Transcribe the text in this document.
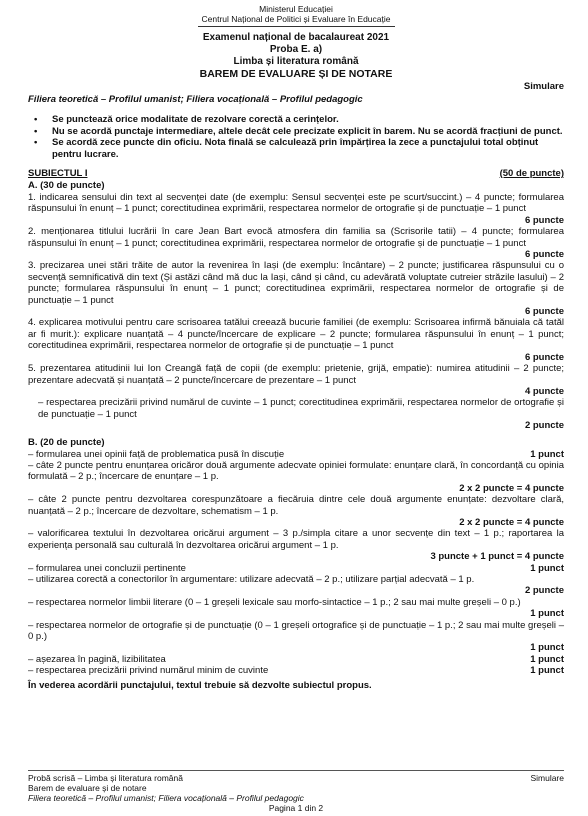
Ministerul Educației
Centrul Național de Politici și Evaluare în Educație
Examenul național de bacalaureat 2021
Proba E. a)
Limba și literatura română
BAREM DE EVALUARE ȘI DE NOTARE
Simulare
Filiera teoretică – Profilul umanist; Filiera vocațională – Profilul pedagogic
• Se punctează orice modalitate de rezolvare corectă a cerințelor.
• Nu se acordă punctaje intermediare, altele decât cele precizate explicit în barem. Nu se acordă fracțiuni de punct.
• Se acordă zece puncte din oficiu. Nota finală se calculează prin împărțirea la zece a punctajului total obținut pentru lucrare.
SUBIECTUL I	(50 de puncte)
A. (30 de puncte)
1. indicarea sensului din text al secvenței date (de exemplu: Sensul secvenței este pe scurt/succint.) – 4 puncte; formularea răspunsului în enunț – 1 punct; corectitudinea exprimării, respectarea normelor de ortografie și de punctuație – 1 punct
6 puncte
2. menționarea titlului lucrării în care Jean Bart evocă atmosfera din familia sa (Scrisorile tatii) – 4 puncte; formularea răspunsului în enunț – 1 punct; corectitudinea exprimării, respectarea normelor de ortografie și de punctuație – 1 punct
6 puncte
3. precizarea unei stări trăite de autor la revenirea în Iași (de exemplu: încântare) – 2 puncte; justificarea răspunsului cu o secvență semnificativă din text (Și astăzi când mă duc la Iași, când și când, cu adevărată voluptate cutreier străzile lasului) – 2 puncte; formularea răspunsului în enunț – 1 punct; corectitudinea exprimării, respectarea normelor de ortografie și de punctuație – 1 punct
6 puncte
4. explicarea motivului pentru care scrisoarea tatălui creează bucurie familiei (de exemplu: Scrisoarea infirmă bănuiala că tatăl ar fi murit.): explicare nuanțată – 4 puncte/încercare de explicare – 2 puncte; formularea răspunsului în enunț – 1 punct; corectitudinea exprimării, respectarea normelor de ortografie și de punctuație – 1 punct
6 puncte
5. prezentarea atitudinii lui Ion Creangă față de copii (de exemplu: prietenie, grijă, empatie): numirea atitudinii – 2 puncte; prezentare adecvată și nuanțată – 2 puncte/încercare de prezentare – 1 punct
4 puncte
– respectarea precizării privind numărul de cuvinte – 1 punct; corectitudinea exprimării, respectarea normelor de ortografie și de punctuație – 1 punct
2 puncte
B. (20 de puncte)
– formularea unei opinii față de problematica pusă în discuție	1 punct
– câte 2 puncte pentru enunțarea oricăror două argumente adecvate opiniei formulate: enunțare clară, în concordanță cu opinia formulată – 2 p.; încercare de enunțare – 1 p.
2 x 2 puncte = 4 puncte
– câte 2 puncte pentru dezvoltarea corespunzătoare a fiecăruia dintre cele două argumente enunțate: dezvoltare clară, nuanțată – 2 p.; încercare de dezvoltare, schematism – 1 p.
2 x 2 puncte = 4 puncte
– valorificarea textului în dezvoltarea oricărui argument – 3 p./simpla citare a unor secvențe din text – 1 p.; raportarea la experiența personală sau culturală în dezvoltarea oricărui argument – 1 p.
3 puncte + 1 punct = 4 puncte
– formularea unei concluzii pertinente	1 punct
– utilizarea corectă a conectorilor în argumentare: utilizare adecvată – 2 p.; utilizare parțial adecvată – 1 p.
2 puncte
– respectarea normelor limbii literare (0 – 1 greșeli lexicale sau morfo-sintactice – 1 p.; 2 sau mai multe greșeli – 0 p.)
1 punct
– respectarea normelor de ortografie și de punctuație (0 – 1 greșeli ortografice și de punctuație – 1 p.; 2 sau mai multe greșeli – 0 p.)
1 punct
– așezarea în pagină, lizibilitatea	1 punct
– respectarea precizării privind numărul minim de cuvinte	1 punct
În vederea acordării punctajului, textul trebuie să dezvolte subiectul propus.
Probă scrisă – Limba și literatura română	Simulare
Barem de evaluare și de notare
Filiera teoretică – Profilul umanist; Filiera vocațională – Profilul pedagogic
Pagina 1 din 2
